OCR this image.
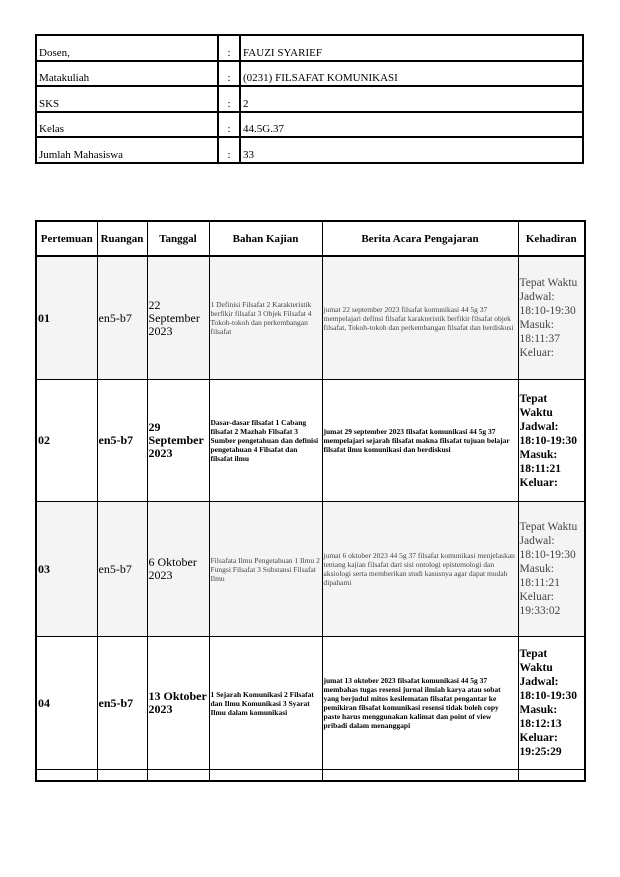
Dosen,	:	FAUZI SYARIEF
Matakuliah	:	(0231) FILSAFAT KOMUNIKASI
SKS	:	2
Kelas	:	44.5G.37
Jumlah Mahasiswa	:	33
Pertemuan	Ruangan	Tanggal	Bahan Kajian	Berita Acara Pengajaran	Kehadiran
01	en5-b7	22 September 2023	1 Definisi Filsafat 2 Karakteristik berfikir filsafat 3 Objek Filsafat 4 Tokoh-tokoh dan perkembangan filsafat	jumat 22 september 2023 filsafat komunikasi 44 5g 37 mempelajari definsi filsafat karakteristik berfikir filsafat objek filsafat, Tokoh-tokoh dan perkembangan filsafat dan berdiskusi	Tepat Waktu Jadwal: 18:10-19:30 Masuk: 18:11:37 Keluar:
02	en5-b7	29 September 2023	Dasar-dasar filsafat 1 Cabang filsafat 2 Mazhab Filsafat 3 Sumber pengetahuan dan definisi pengetahuan 4 Filsafat dan filsafat ilmu	jumat 29 september 2023 filsafat komunikasi 44 5g 37 mempelajari sejarah filsafat makna filsafat tujuan belajar filsafat ilmu komunikasi dan berdiskusi	Tepat Waktu Jadwal: 18:10-19:30 Masuk: 18:11:21 Keluar:
03	en5-b7	6 Oktober 2023	Filsafata Ilmu Pengetahuan 1 Ilmu 2 Fungsi Filsafat 3 Substansi Filsafat Ilmu	jumat 6 oktober 2023 44 5g 37 filsafat komunikasi menjelaskan tentang kajian filsafat dari sisi ontologi epistemologi dan aksiologi serta memberikan studi kasusnya agar dapat mudah dipahami	Tepat Waktu Jadwal: 18:10-19:30 Masuk: 18:11:21 Keluar: 19:33:02
04	en5-b7	13 Oktober 2023	1 Sejarah Komunikasi 2 Filsafat dan Ilmu Komunikasi 3 Syarat Ilmu dalam komunikasi	jumat 13 oktober 2023 filsafat komunikasi 44 5g 37 membahas tugas resensi jurnal ilmiah karya atau sobat yang berjudul mitos kesilematan filsafat pengantar ke pemikiran filsafat komunikasi resensi tidak boleh copy paste harus menggunakan kalimat dan point of view pribadi dalam menanggapi	Tepat Waktu Jadwal: 18:10-19:30 Masuk: 18:12:13 Keluar: 19:25:29
